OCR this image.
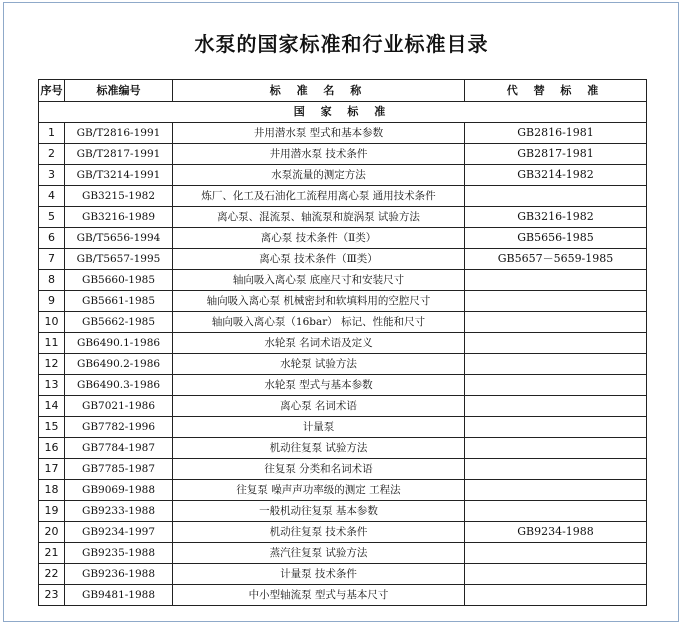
水泵的国家标准和行业标准目录
序号	标准编号	标 准 名 称	代 替 标 准
国 家 标 准			
1	GB/T2816-1991	井用潜水泵 型式和基本参数	GB2816-1981
2	GB/T2817-1991	井用潜水泵 技术条件	GB2817-1981
3	GB/T3214-1991	水泵流量的测定方法	GB3214-1982
4	GB3215-1982	炼厂、化工及石油化工流程用离心泵 通用技术条件	
5	GB3216-1989	离心泵、混流泵、轴流泵和旋涡泵 试验方法	GB3216-1982
6	GB/T5656-1994	离心泵 技术条件（Ⅱ类）	GB5656-1985
7	GB/T5657-1995	离心泵 技术条件（Ⅲ类）	GB5657－5659-1985
8	GB5660-1985	轴向吸入离心泵 底座尺寸和安装尺寸	
9	GB5661-1985	轴向吸入离心泵 机械密封和软填料用的空腔尺寸	
10	GB5662-1985	轴向吸入离心泵（16bar） 标记、性能和尺寸	
11	GB6490.1-1986	水轮泵 名词术语及定义	
12	GB6490.2-1986	水轮泵 试验方法	
13	GB6490.3-1986	水轮泵 型式与基本参数	
14	GB7021-1986	离心泵 名词术语	
15	GB7782-1996	计量泵	
16	GB7784-1987	机动往复泵 试验方法	
17	GB7785-1987	往复泵 分类和名词术语	
18	GB9069-1988	往复泵 噪声声功率级的测定 工程法	
19	GB9233-1988	一般机动往复泵 基本参数	
20	GB9234-1997	机动往复泵 技术条件	GB9234-1988
21	GB9235-1988	蒸汽往复泵 试验方法	
22	GB9236-1988	计量泵 技术条件	
23	GB9481-1988	中小型轴流泵 型式与基本尺寸	
